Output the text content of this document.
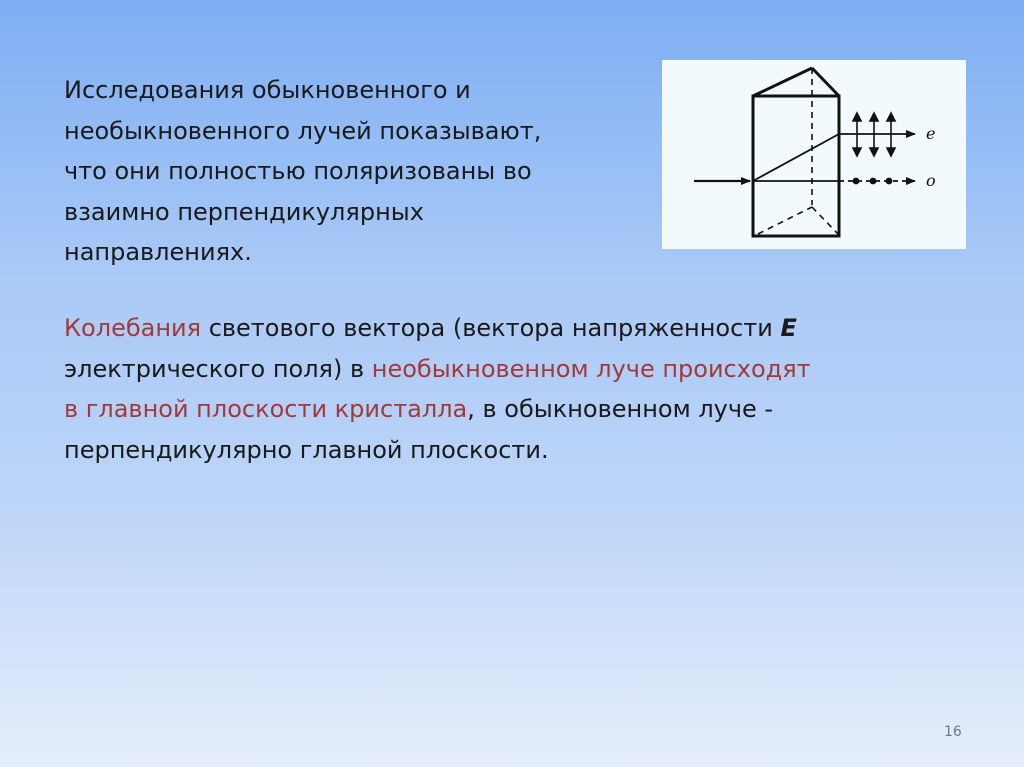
Исследования обыкновенного и
необыкновенного лучей показывают,
что они полностью поляризованы во
взаимно перпендикулярных
направлениях.
e
o
Колебания светового вектора (вектора напряженности E
электрического поля) в необыкновенном луче происходят
в главной плоскости кристалла, в обыкновенном луче -
перпендикулярно главной плоскости.
16
